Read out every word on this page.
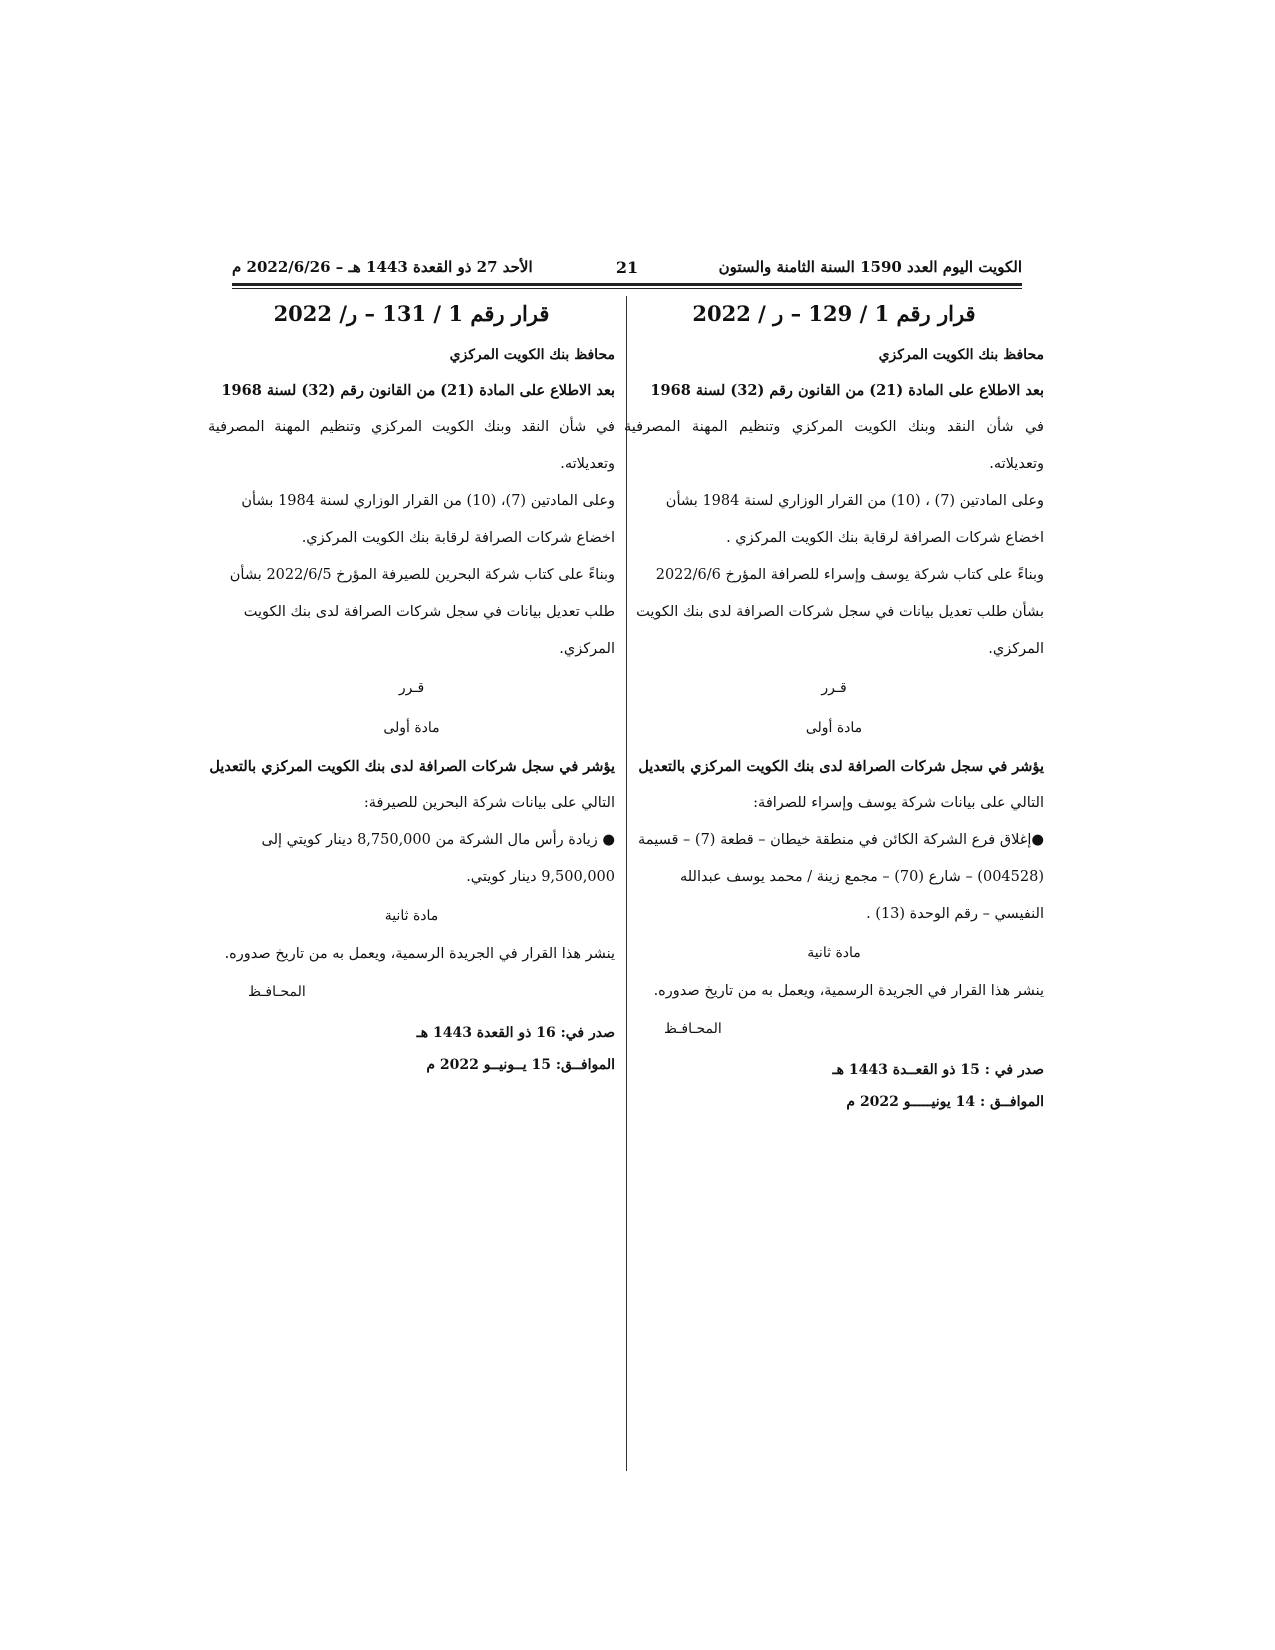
الكويت اليوم العدد 1590 السنة الثامنة والستون
21
الأحد 27 ذو القعدة 1443 هـ – 2022/6/26 م

قرار رقم 1 / 129 – ر / 2022

محافظ بنك الكويت المركزي

بعد الاطلاع على المادة (21) من القانون رقم (32) لسنة 1968

في شأن النقد وبنك الكويت المركزي وتنظيم المهنة المصرفية وتعديلاته.

وعلى المادتين (7) ، (10) من القرار الوزاري لسنة 1984 بشأن

اخضاع شركات الصرافة لرقابة بنك الكويت المركزي .

وبناءً على كتاب شركة يوسف وإسراء للصرافة المؤرخ 2022/6/6

بشأن طلب تعديل بيانات في سجل شركات الصرافة لدى بنك الكويت

المركزي.

قـرر

مادة أولى

يؤشر في سجل شركات الصرافة لدى بنك الكويت المركزي بالتعديل

التالي على بيانات شركة يوسف وإسراء للصرافة:

●إغلاق فرع الشركة الكائن في منطقة خيطان – قطعة (7) – قسيمة

(004528) – شارع (70) – مجمع زينة / محمد يوسف عبدالله

النفيسي – رقم الوحدة (13) .

مادة ثانية

ينشر هذا القرار في الجريدة الرسمية، ويعمل به من تاريخ صدوره.

المحـافـظ

صدر في : 15 ذو القعــدة 1443 هـ

الموافــق : 14 يونيـــــو 2022 م

قرار رقم 1 / 131 – ر/ 2022

محافظ بنك الكويت المركزي

بعد الاطلاع على المادة (21) من القانون رقم (32) لسنة 1968

في شأن النقد وبنك الكويت المركزي وتنظيم المهنة المصرفية وتعديلاته.

وعلى المادتين (7)، (10) من القرار الوزاري لسنة 1984 بشأن

اخضاع شركات الصرافة لرقابة بنك الكويت المركزي.

وبناءً على كتاب شركة البحرين للصيرفة المؤرخ 2022/6/5 بشأن

طلب تعديل بيانات في سجل شركات الصرافة لدى بنك الكويت

المركزي.

قـرر

مادة أولى

يؤشر في سجل شركات الصرافة لدى بنك الكويت المركزي بالتعديل

التالي على بيانات شركة البحرين للصيرفة:

● زيادة رأس مال الشركة من 8,750,000 دينار كويتي إلى

9,500,000 دينار كويتي.

مادة ثانية

ينشر هذا القرار في الجريدة الرسمية، ويعمل به من تاريخ صدوره.

المحـافـظ

صدر في: 16 ذو القعدة 1443 هـ

الموافــق: 15 يــونيــو 2022 م
